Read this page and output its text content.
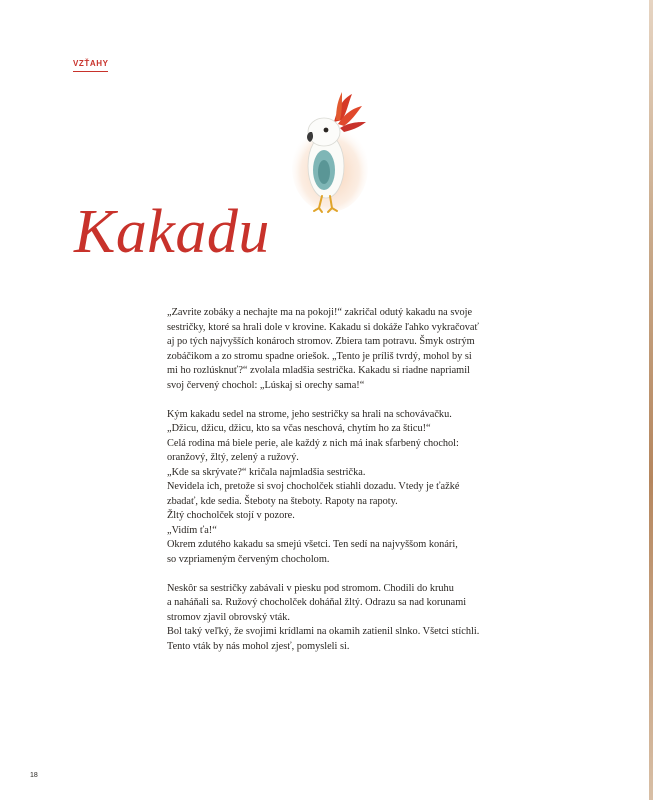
VZŤAHY
Kakadu
„Zavrite zobáky a nechajte ma na pokoji!“ zakričal odutý kakadu na svoje
sestričky, ktoré sa hrali dole v krovine. Kakadu si dokáže ľahko vykračovať
aj po tých najvyšších konároch stromov. Zbiera tam potravu. Šmyk ostrým
zobáčikom a zo stromu spadne oriešok. „Tento je príliš tvrdý, mohol by si
mi ho rozlúsknuť?“ zvolala mladšia sestrička. Kakadu si riadne napriamil
svoj červený chochol: „Lúskaj si orechy sama!“
Kým kakadu sedel na strome, jeho sestričky sa hrali na schovávačku.
„Džicu, džicu, džicu, kto sa včas neschová, chytím ho za šticu!“
Celá rodina má biele perie, ale každý z nich má inak sfarbený chochol:
oranžový, žltý, zelený a ružový.
„Kde sa skrývate?“ kričala najmladšia sestrička.
Nevidela ich, pretože si svoj chocholček stiahli dozadu. Vtedy je ťažké
zbadať, kde sedia. Šteboty na šteboty. Rapoty na rapoty.
Žltý chocholček stojí v pozore.
„Vidím ťa!“
Okrem zdutého kakadu sa smejú všetci. Ten sedí na najvyššom konári,
so vzpriameným červeným chocholom.
Neskôr sa sestričky zabávali v piesku pod stromom. Chodili do kruhu
a naháňali sa. Ružový chocholček doháňal žltý. Odrazu sa nad korunami
stromov zjavil obrovský vták.
Bol taký veľký, že svojimi krídlami na okamih zatienil slnko. Všetci stíchli.
Tento vták by nás mohol zjesť, pomysleli si.
18
